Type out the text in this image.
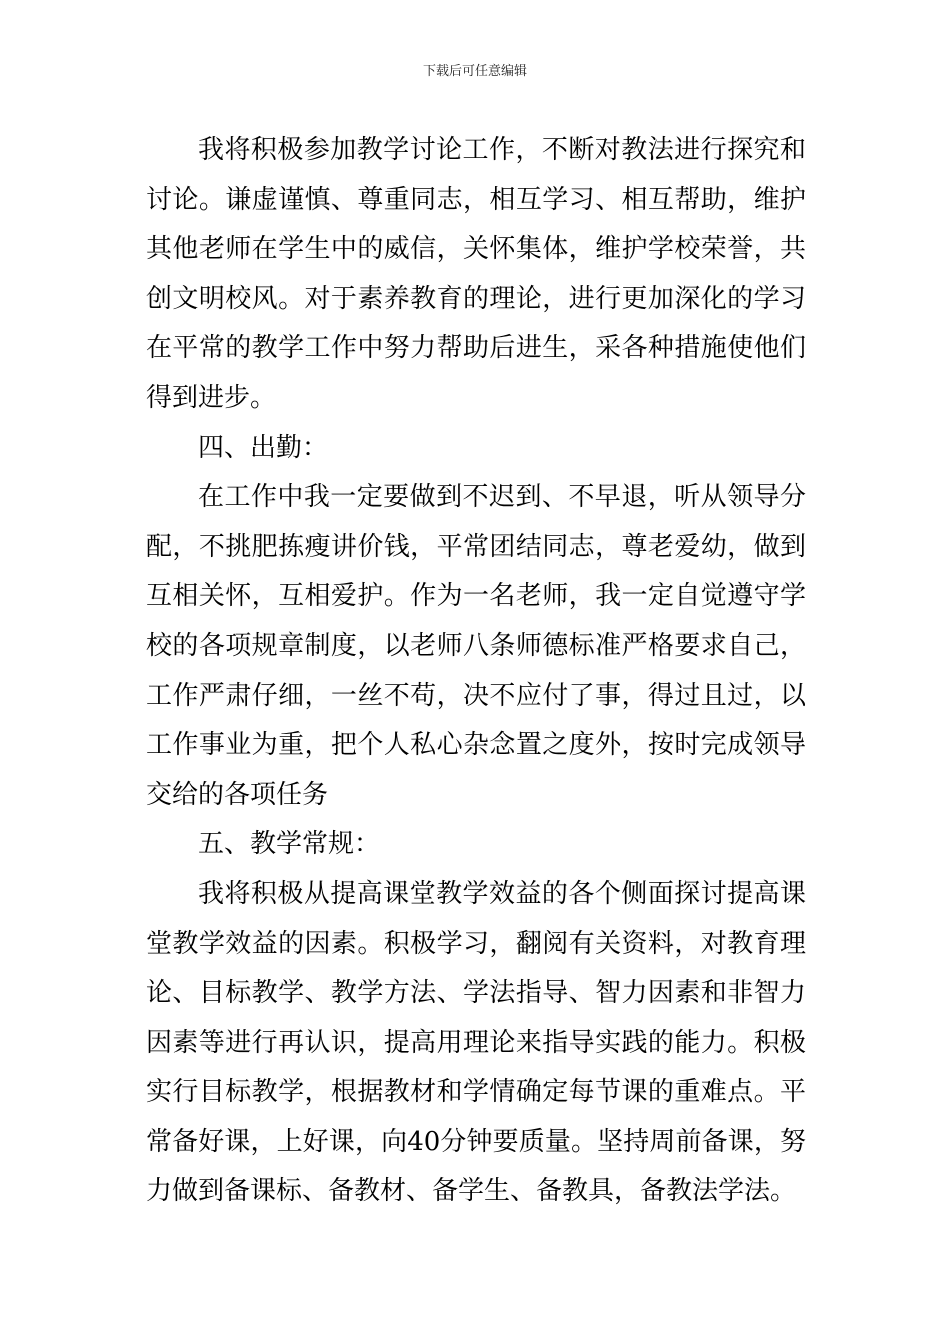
下载后可任意编辑

我将积极参加教学讨论工作，不断对教法进行探究和讨论。谦虚谨慎、尊重同志，相互学习、相互帮助，维护其他老师在学生中的威信，关怀集体，维护学校荣誉，共创文明校风。对于素养教育的理论，进行更加深化的学习在平常的教学工作中努力帮助后进生，采各种措施使他们得到进步。

四、出勤：

在工作中我一定要做到不迟到、不早退，听从领导分配，不挑肥拣瘦讲价钱，平常团结同志，尊老爱幼，做到互相关怀，互相爱护。作为一名老师，我一定自觉遵守学校的各项规章制度，以老师八条师德标准严格要求自己，工作严肃仔细，一丝不苟，决不应付了事，得过且过，以工作事业为重，把个人私心杂念置之度外，按时完成领导交给的各项任务

五、教学常规：

我将积极从提高课堂教学效益的各个侧面探讨提高课堂教学效益的因素。积极学习，翻阅有关资料，对教育理论、目标教学、教学方法、学法指导、智力因素和非智力因素等进行再认识，提高用理论来指导实践的能力。积极实行目标教学，根据教材和学情确定每节课的重难点。平常备好课，上好课，向40分钟要质量。坚持周前备课，努力做到备课标、备教材、备学生、备教具，备教法学法。
